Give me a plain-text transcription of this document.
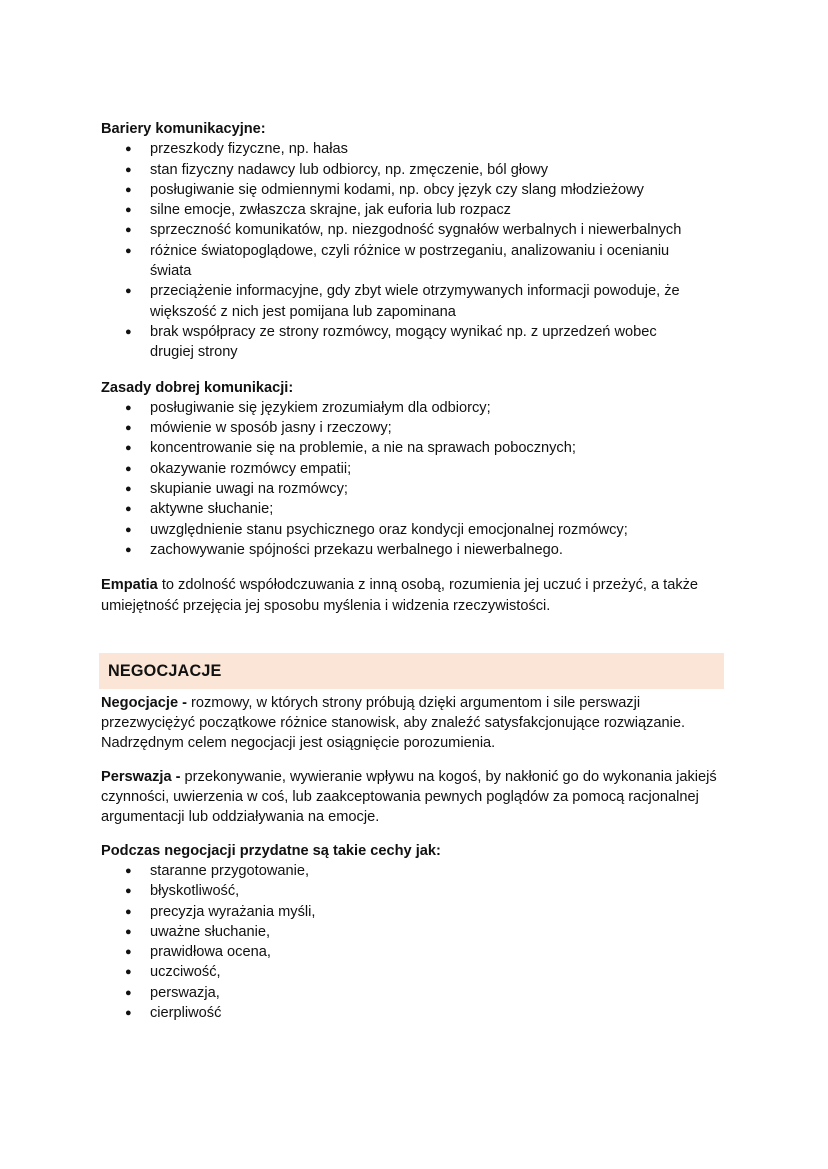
Bariery komunikacyjne:

● przeszkody fizyczne, np. hałas
● stan fizyczny nadawcy lub odbiorcy, np. zmęczenie, ból głowy
● posługiwanie się odmiennymi kodami, np. obcy język czy slang młodzieżowy
● silne emocje, zwłaszcza skrajne, jak euforia lub rozpacz
● sprzeczność komunikatów, np. niezgodność sygnałów werbalnych i niewerbalnych
● różnice światopoglądowe, czyli różnice w postrzeganiu, analizowaniu i ocenianiu świata
● przeciążenie informacyjne, gdy zbyt wiele otrzymywanych informacji powoduje, że większość z nich jest pomijana lub zapominana
● brak współpracy ze strony rozmówcy, mogący wynikać np. z uprzedzeń wobec drugiej strony

Zasady dobrej komunikacji:

● posługiwanie się językiem zrozumiałym dla odbiorcy;
● mówienie w sposób jasny i rzeczowy;
● koncentrowanie się na problemie, a nie na sprawach pobocznych;
● okazywanie rozmówcy empatii;
● skupianie uwagi na rozmówcy;
● aktywne słuchanie;
● uwzględnienie stanu psychicznego oraz kondycji emocjonalnej rozmówcy;
● zachowywanie spójności przekazu werbalnego i niewerbalnego.

Empatia to zdolność współodczuwania z inną osobą, rozumienia jej uczuć i przeżyć, a także umiejętność przejęcia jej sposobu myślenia i widzenia rzeczywistości.

NEGOCJACJE

Negocjacje - rozmowy, w których strony próbują dzięki argumentom i sile perswazji przezwyciężyć początkowe różnice stanowisk, aby znaleźć satysfakcjonujące rozwiązanie. Nadrzędnym celem negocjacji jest osiągnięcie porozumienia.

Perswazja - przekonywanie, wywieranie wpływu na kogoś, by nakłonić go do wykonania jakiejś czynności, uwierzenia w coś, lub zaakceptowania pewnych poglądów za pomocą racjonalnej argumentacji lub oddziaływania na emocje.

Podczas negocjacji przydatne są takie cechy jak:

● staranne przygotowanie,
● błyskotliwość,
● precyzja wyrażania myśli,
● uważne słuchanie,
● prawidłowa ocena,
● uczciwość,
● perswazja,
● cierpliwość
